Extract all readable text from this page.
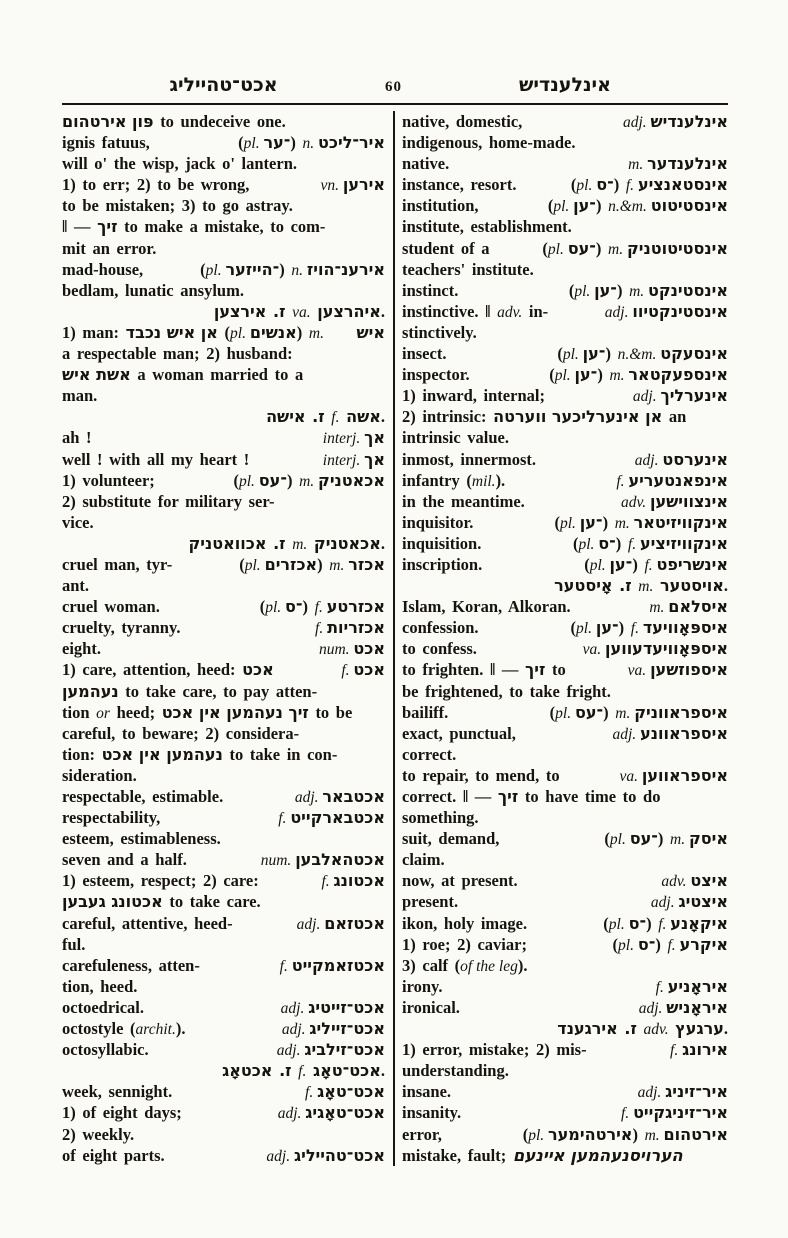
אכט־טהייליג	60	אינלענדיש
פּון אירטהום to undeceive one.
ignis fatuus,	(pl. ־ער) n. איר־ליכט
will o' the wisp, jack o' lantern.
1) to err; 2) to be wrong,	vn. אירען
to be mistaken; 3) to go astray.
‖ — זיך to make a mistake, to com-
mit an error.
mad-house,	(pl. ־הייזער) n. אירענ־הויז
bedlam, lunatic ansylum.
אירצען ז. va. איהרצען.
1) man: אן איש נכבד (pl. אנשים) m. איש
a respectable man; 2) husband:
אשת איש a woman married to a
man.
אישה ז. f. אשה.
ah !	interj. אך
well ! with all my heart !	interj. אך
1) volunteer;	(pl. ־עס) m. אכאטניק
2) substitute for military ser-
vice.
אכוואטניק ז. m. אכאטניק.
cruel man, tyr-	(pl. אכזרים) m. אכזר
ant.
cruel woman.	(pl. ־ס) f. אכזרטע
cruelty, tyranny.	f. אכזריות
eight.	num. אכט
1) care, attention, heed: אכט	f. אכט
נעהמען to take care, to pay atten-
tion or heed; זיך נעהמען אין אכט to be
careful, to beware; 2) considera-
tion: נעהמען אין אכט to take in con-
sideration.
respectable, estimable.	adj. אכטבאר
respectability,	f. אכטבארקייט
esteem, estimableness.
seven and a half.	num. אכטהאלבען
1) esteem, respect; 2) care:	f. אכטונג
אכטונג געבען to take care.
careful, attentive, heed-	adj. אכטזאם
ful.
carefuleness, atten-	f. אכטזאמקייט
tion, heed.
octoedrical.	adj. אכט־זייטיג
octostyle (archit.).	adj. אכט־זייליג
octosyllabic.	adj. אכט־זילביג
אכטאָג ז. f. אכט־טאָג.
week, sennight.	f. אכט־טאָג
1) of eight days;	adj. אכט־טאָגיג
2) weekly.
of eight parts.	adj. אכט־טהייליג
native, domestic,	adj. אינלענדיש
indigenous, home-made.
native.	m. אינלענדער
instance, resort.	(pl. ־ס) f. אינסטאנציע
institution,	(pl. ־ען) n.&m. אינסטיטוט
institute, establishment.
student of a	(pl. ־עס) m. אינסטיטוטניק
teachers' institute.
instinct.	(pl. ־ען) m. אינסטינקט
instinctive. ‖ adv. in-	adj. אינסטינקטיוו
stinctively.
insect.	(pl. ־ען) n.&m. אינסעקט
inspector.	(pl. ־ען) m. אינספעקטאר
1) inward, internal;	adj. אינערליך
2) intrinsic: אן אינערליכער ווערטה an
intrinsic value.
inmost, innermost.	adj. אינערסט
infantry (mil.).	f. אינפאנטעריע
in the meantime.	adv. אינצווישען
inquisitor.	(pl. ־ען) m. אינקוויזיטאר
inquisition.	(pl. ־ס) f. אינקוויזיציע
inscription.	(pl. ־ען) f. אינשריפט
אָיסטער ז. m. אויסטער.
Islam, Koran, Alkoran.	m. איסלאם
confession.	(pl. ־ען) f. איספּאָוויעד
to confess.	va. איספּאָוויעדעווען
to frighten. ‖ — זיך to	va. איספוזשען
be frightened, to take fright.
bailiff.	(pl. ־עס) m. איספראווניק
exact, punctual,	adj. איספראוונע
correct.
to repair, to mend, to	va. איספראווען
correct. ‖ — זיך to have time to do
something.
suit, demand,	(pl. ־עס) m. איסק
claim.
now, at present.	adv. איצט
present.	adj. איצטיג
ikon, holy image.	(pl. ־ס) f. איקאָנע
1) roe; 2) caviar;	(pl. ־ס) f. איקרע
3) calf (of the leg).
irony.	f. איראָניע
ironical.	adj. איראָניש
אירגענד ז. adv. ערגעץ.
1) error, mistake; 2) mis-	f. אירונג
understanding.
insane.	adj. איר־זיניג
insanity.	f. איר־זיניגקייט
error,	(pl. אירטהימער) m. אירטהום
mistake, fault; הערויסנעהמען איינעם
